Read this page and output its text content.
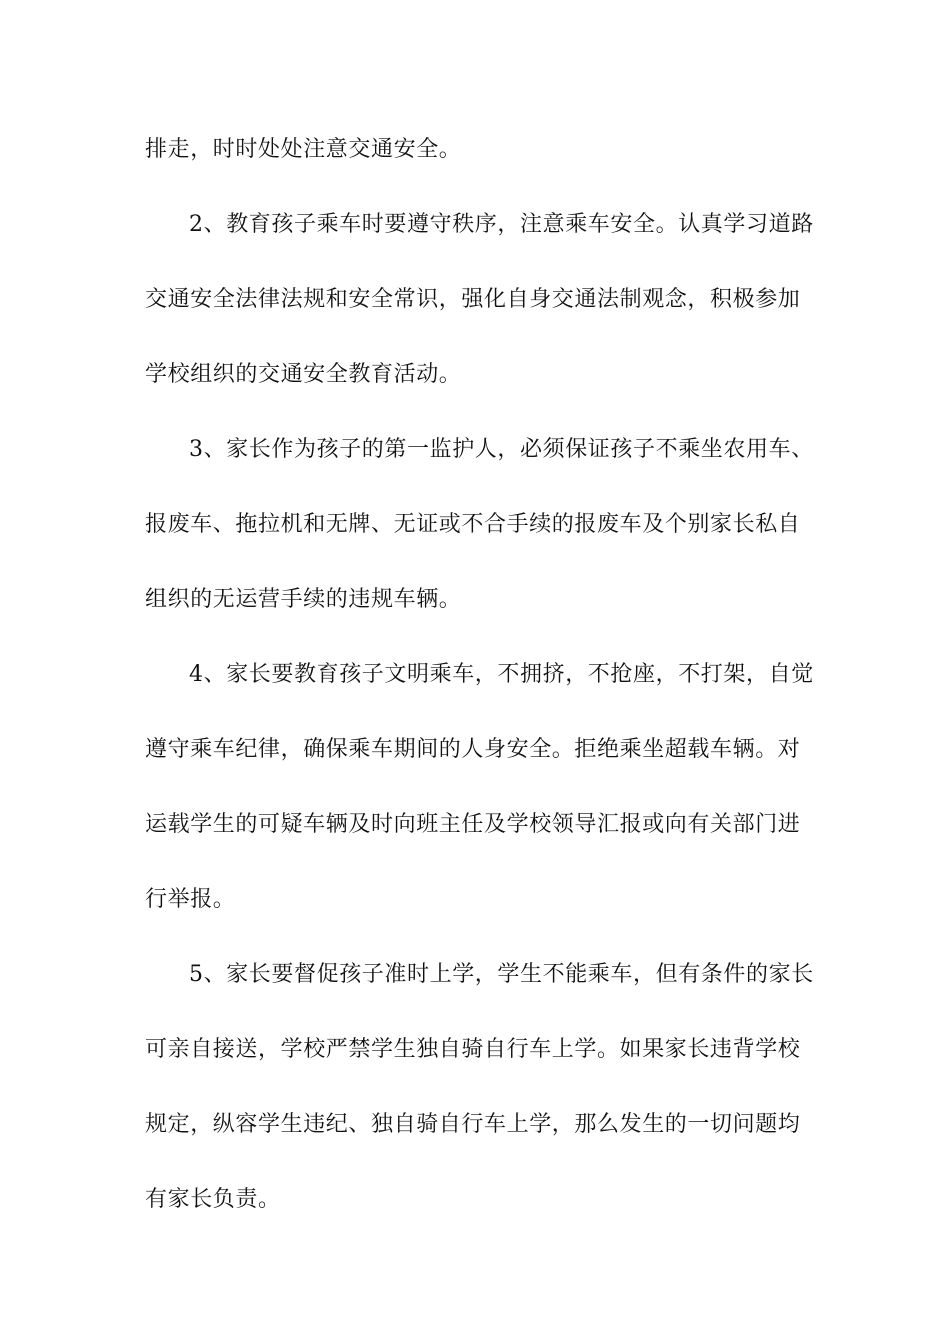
排走，时时处处注意交通安全。
2、教育孩子乘车时要遵守秩序，注意乘车安全。认真学习道路
交通安全法律法规和安全常识，强化自身交通法制观念，积极参加
学校组织的交通安全教育活动。
3、家长作为孩子的第一监护人，必须保证孩子不乘坐农用车、
报废车、拖拉机和无牌、无证或不合手续的报废车及个别家长私自
组织的无运营手续的违规车辆。
4、家长要教育孩子文明乘车，不拥挤，不抢座，不打架，自觉
遵守乘车纪律，确保乘车期间的人身安全。拒绝乘坐超载车辆。对
运载学生的可疑车辆及时向班主任及学校领导汇报或向有关部门进
行举报。
5、家长要督促孩子准时上学，学生不能乘车，但有条件的家长
可亲自接送，学校严禁学生独自骑自行车上学。如果家长违背学校
规定，纵容学生违纪、独自骑自行车上学，那么发生的一切问题均
有家长负责。
